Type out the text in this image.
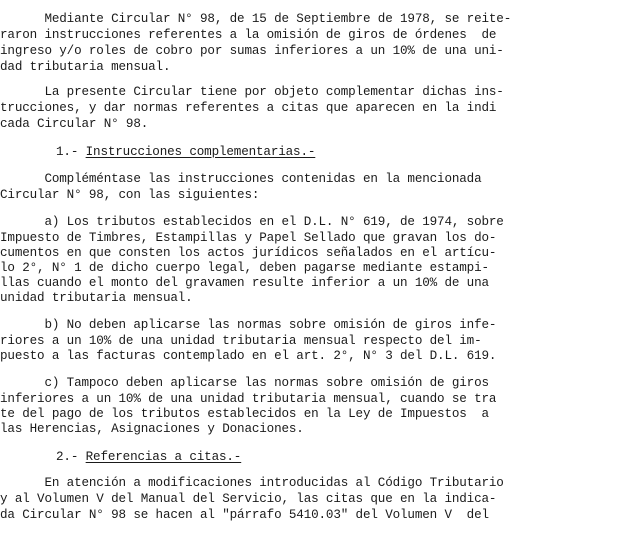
Mediante Circular N° 98, de 15 de Septiembre de 1978, se reite-
raron instrucciones referentes a la omisión de giros de órdenes  de
ingreso y/o roles de cobro por sumas inferiores a un 10% de una uni-
dad tributaria mensual.
La presente Circular tiene por objeto complementar dichas ins-
trucciones, y dar normas referentes a citas que aparecen en la indi
cada Circular N° 98.
1.- Instrucciones complementarias.-
Compléméntase las instrucciones contenidas en la mencionada
Circular N° 98, con las siguientes:
a) Los tributos establecidos en el D.L. N° 619, de 1974, sobre
Impuesto de Timbres, Estampillas y Papel Sellado que gravan los do-
cumentos en que consten los actos jurídicos señalados en el artícu-
lo 2°, N° 1 de dicho cuerpo legal, deben pagarse mediante estampi-
llas cuando el monto del gravamen resulte inferior a un 10% de una
unidad tributaria mensual.
b) No deben aplicarse las normas sobre omisión de giros infe-
riores a un 10% de una unidad tributaria mensual respecto del im-
puesto a las facturas contemplado en el art. 2°, N° 3 del D.L. 619.
c) Tampoco deben aplicarse las normas sobre omisión de giros
inferiores a un 10% de una unidad tributaria mensual, cuando se tra
te del pago de los tributos establecidos en la Ley de Impuestos  a
las Herencias, Asignaciones y Donaciones.
2.- Referencias a citas.-
En atención a modificaciones introducidas al Código Tributario
y al Volumen V del Manual del Servicio, las citas que en la indica-
da Circular N° 98 se hacen al "párrafo 5410.03" del Volumen V  del
